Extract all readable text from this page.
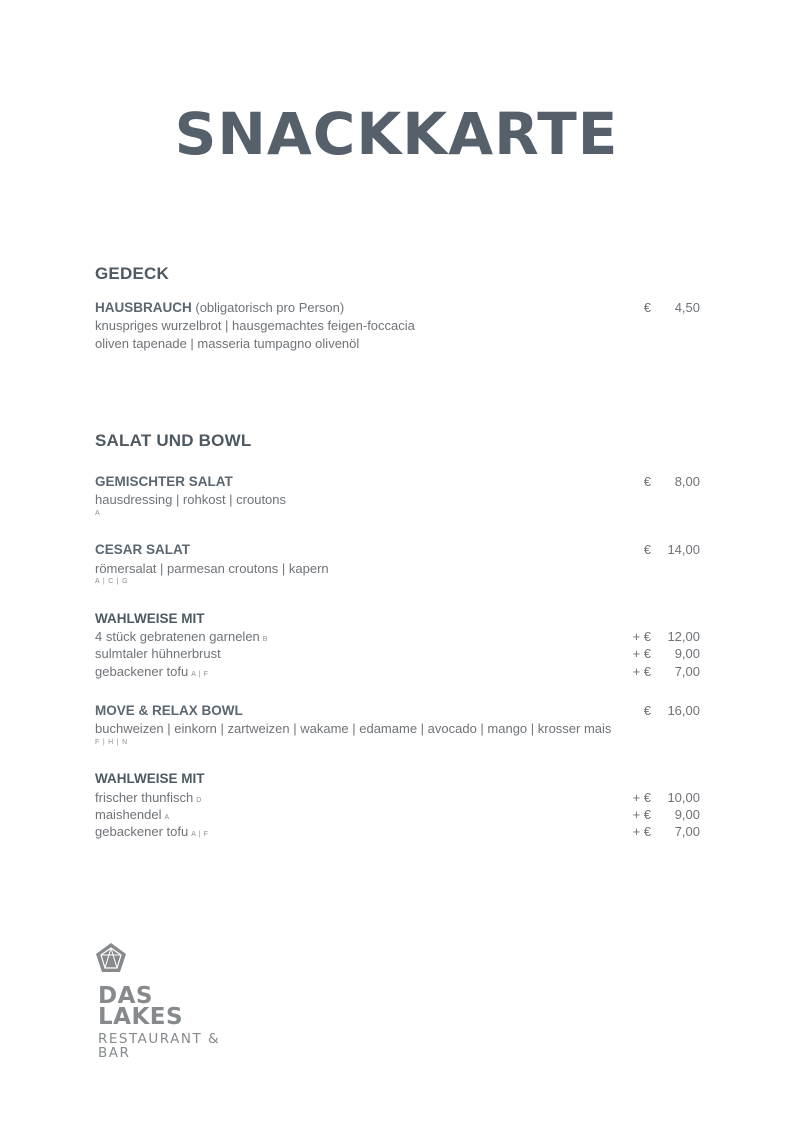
SNACKKARTE
GEDECK
HAUSBRAUCH (obligatorisch pro Person)	€ 4,50
knuspriges wurzelbrot | hausgemachtes feigen-foccacia
oliven tapenade | masseria tumpagno olivenöl
SALAT UND BOWL
GEMISCHTER SALAT	€ 8,00
hausdressing | rohkost | croutons
A
CESAR SALAT	€ 14,00
römersalat | parmesan croutons | kapern
A | C | G
WAHLWEISE MIT
4 stück gebratenen garnelen B	+ € 12,00
sulmtaler hühnerbrust	+ € 9,00
gebackener tofu A | F	+ € 7,00
MOVE & RELAX BOWL	€ 16,00
buchweizen | einkorn | zartweizen | wakame | edamame | avocado | mango | krosser mais
F | H | N
WAHLWEISE MIT
frischer thunfisch D	+ € 10,00
maishendel A	+ € 9,00
gebackener tofu A | F	+ € 7,00
DAS
LAKES
RESTAURANT &
BAR
